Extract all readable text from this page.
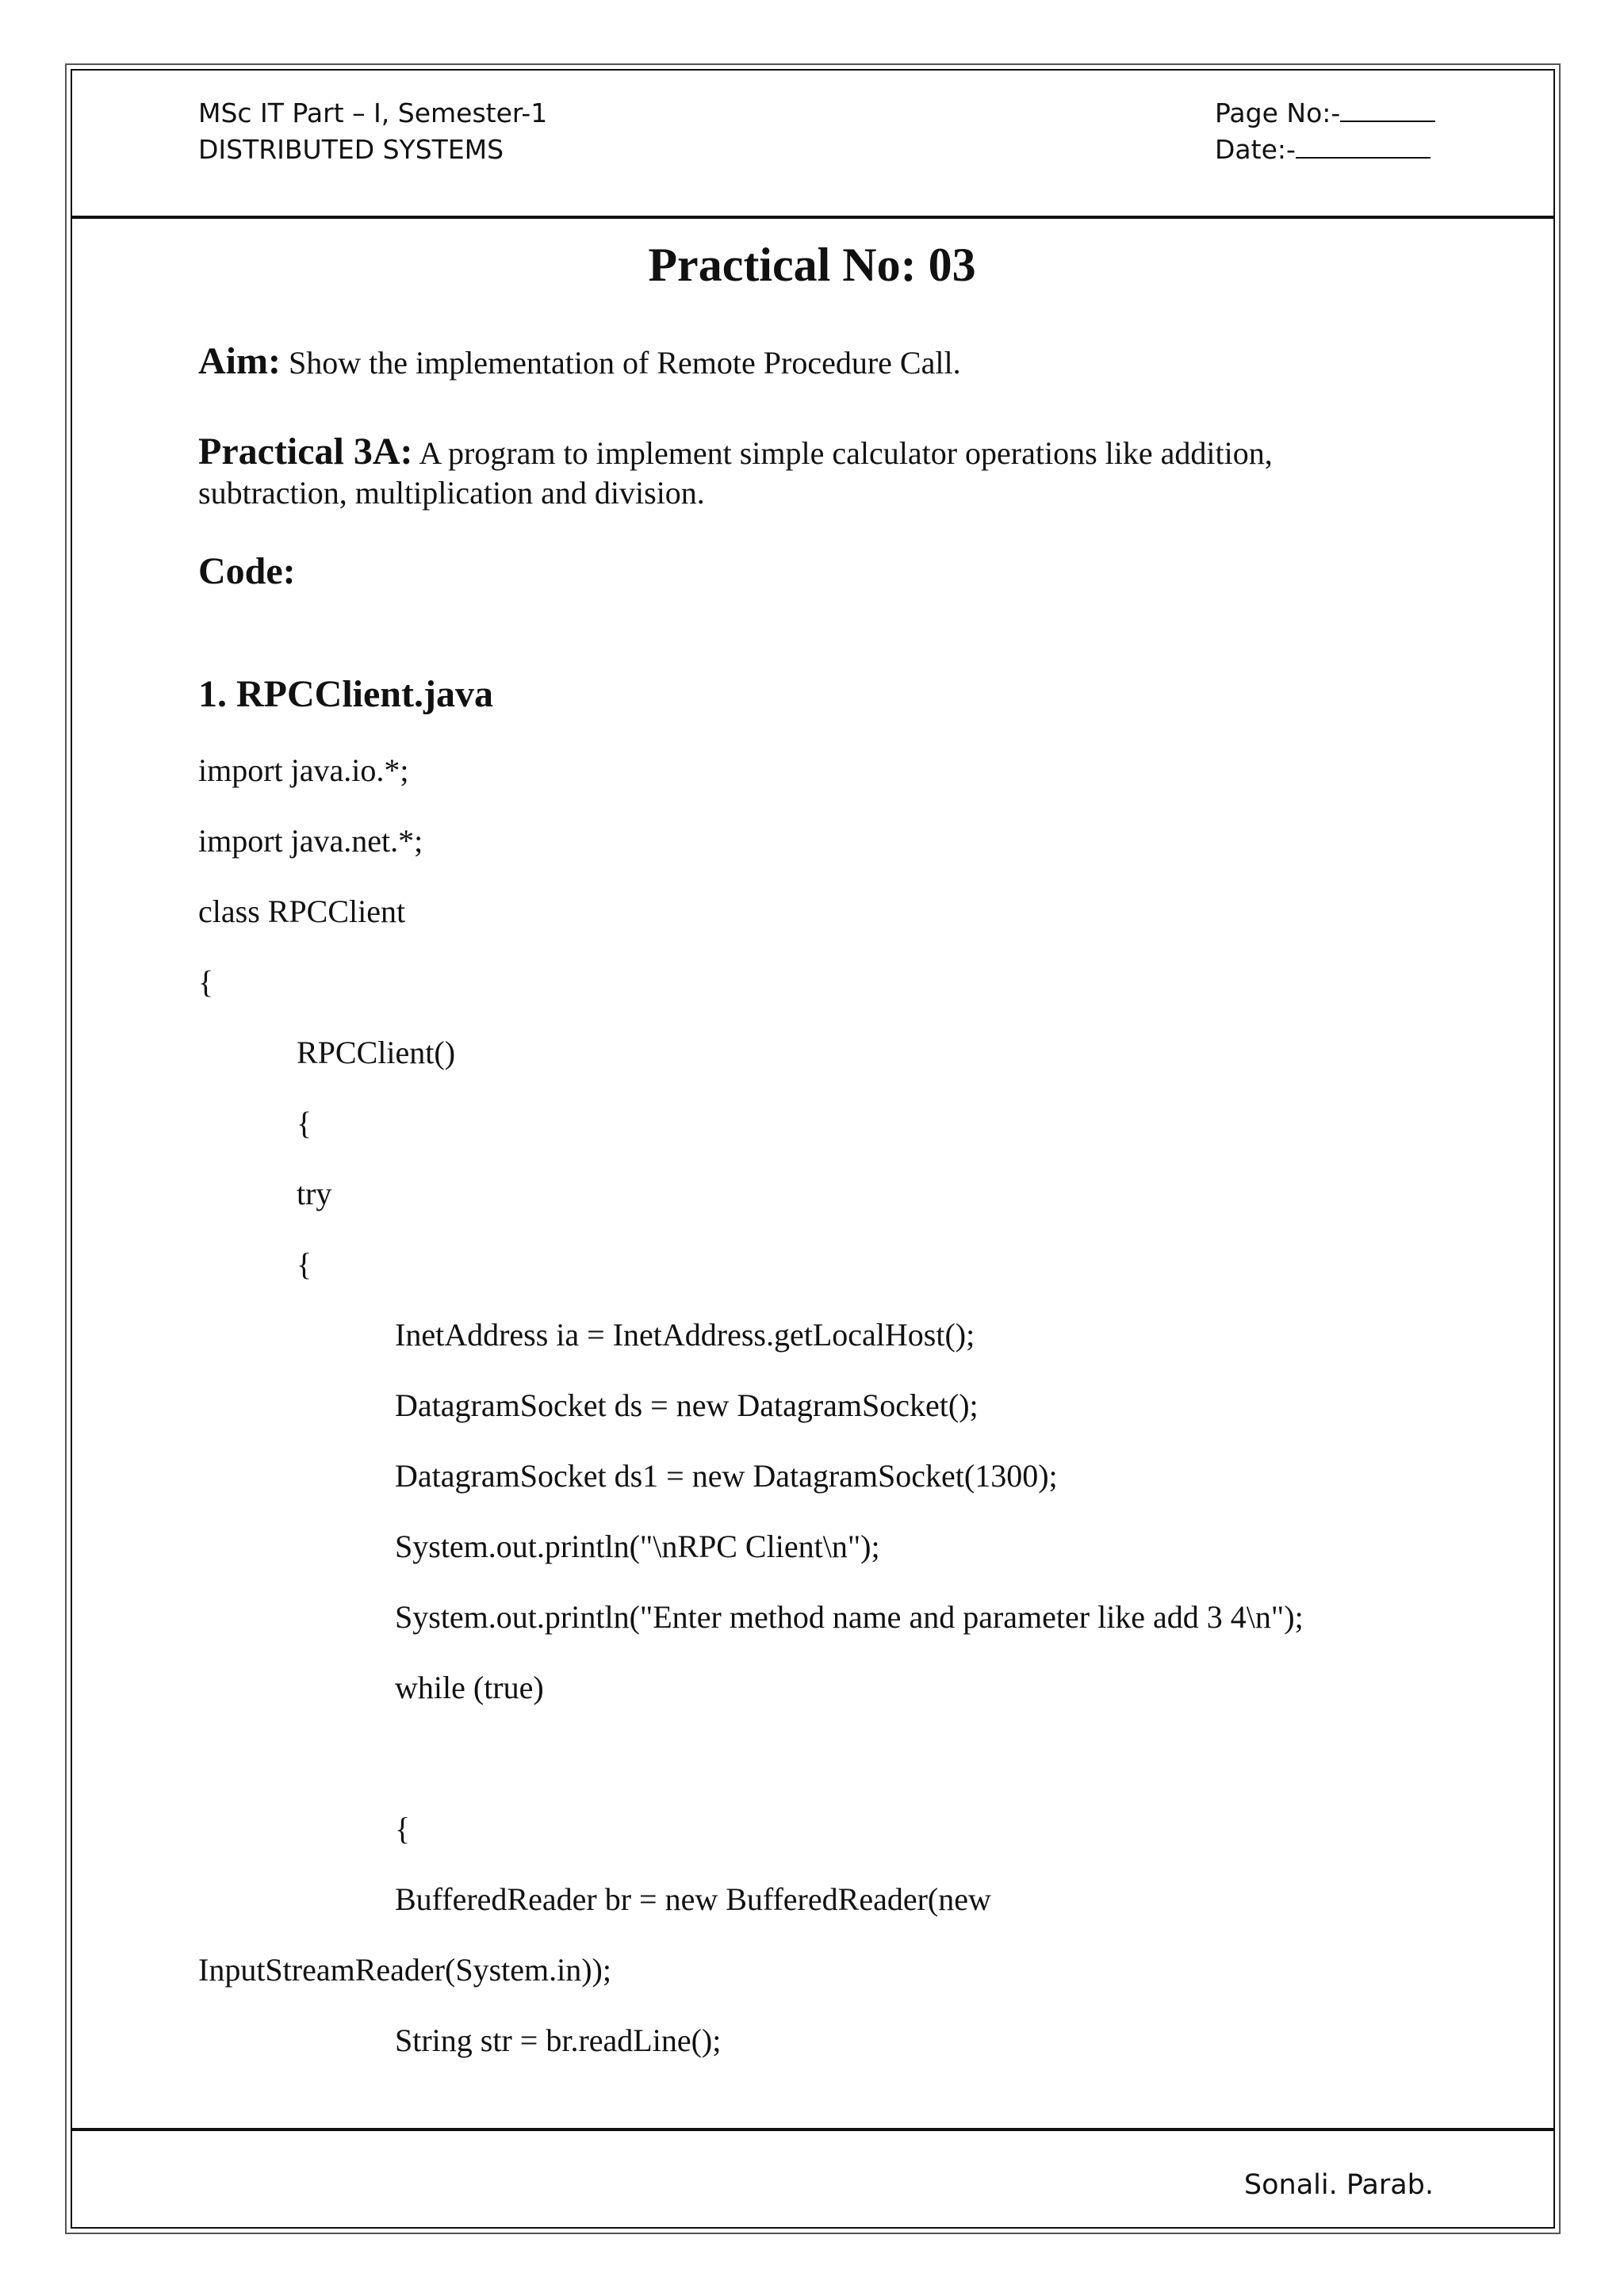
MSc IT Part – I, Semester-1
DISTRIBUTED SYSTEMS
Page No:-
Date:-
Practical No: 03
Aim: Show the implementation of Remote Procedure Call.
Practical 3A: A program to implement simple calculator operations like addition,
subtraction, multiplication and division.
Code:
1. RPCClient.java
import java.io.*;
import java.net.*;
class RPCClient
{
RPCClient()
{
try
{
InetAddress ia = InetAddress.getLocalHost();
DatagramSocket ds = new DatagramSocket();
DatagramSocket ds1 = new DatagramSocket(1300);
System.out.println("\nRPC Client\n");
System.out.println("Enter method name and parameter like add 3 4\n");
while (true)
{
BufferedReader br = new BufferedReader(new
InputStreamReader(System.in));
String str = br.readLine();
Sonali. Parab.
